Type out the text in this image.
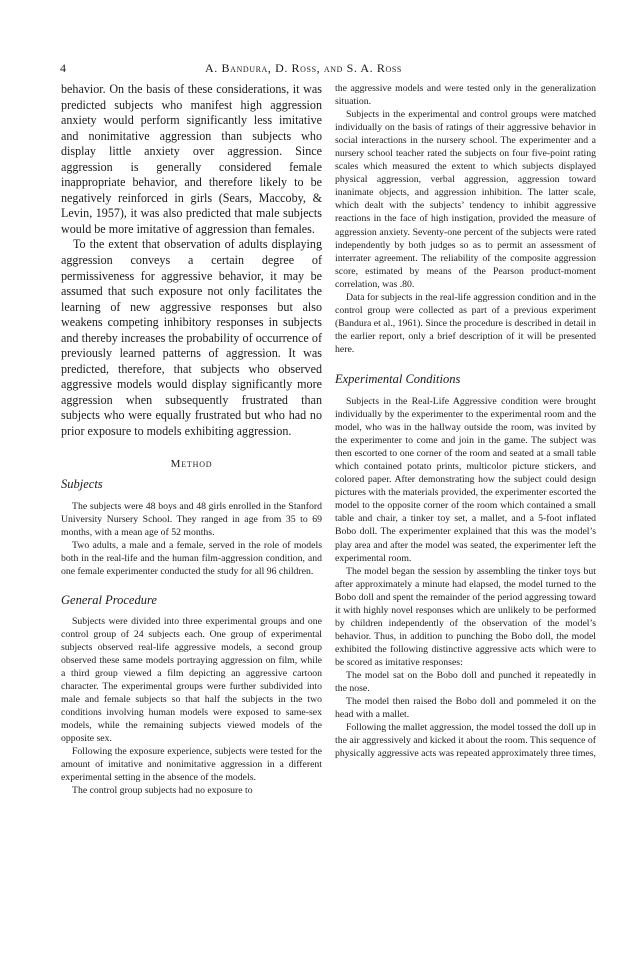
4	A. Bandura, D. Ross, and S. A. Ross

behavior. On the basis of these considerations, it was predicted subjects who manifest high aggression anxiety would perform significantly less imitative and nonimitative aggression than subjects who display little anxiety over aggression. Since aggression is generally considered female inappropriate behavior, and therefore likely to be negatively reinforced in girls (Sears, Maccoby, & Levin, 1957), it was also predicted that male subjects would be more imitative of aggression than females.

To the extent that observation of adults displaying aggression conveys a certain degree of permissiveness for aggressive behavior, it may be assumed that such exposure not only facilitates the learning of new aggressive responses but also weakens competing inhibitory responses in subjects and thereby increases the probability of occurrence of previously learned patterns of aggression. It was predicted, therefore, that subjects who observed aggressive models would display significantly more aggression when subsequently frustrated than subjects who were equally frustrated but who had no prior exposure to models exhibiting aggression.

Method
Subjects

The subjects were 48 boys and 48 girls enrolled in the Stanford University Nursery School. They ranged in age from 35 to 69 months, with a mean age of 52 months.

Two adults, a male and a female, served in the role of models both in the real-life and the human film-aggression condition, and one female experimenter conducted the study for all 96 children.

General Procedure

Subjects were divided into three experimental groups and one control group of 24 subjects each. One group of experimental subjects observed real-life aggressive models, a second group observed these same models portraying aggression on film, while a third group viewed a film depicting an aggressive cartoon character. The experimental groups were further subdivided into male and female subjects so that half the subjects in the two conditions involving human models were exposed to same-sex models, while the remaining subjects viewed models of the opposite sex.

Following the exposure experience, subjects were tested for the amount of imitative and nonimitative aggression in a different experimental setting in the absence of the models.

The control group subjects had no exposure to

the aggressive models and were tested only in the generalization situation.

Subjects in the experimental and control groups were matched individually on the basis of ratings of their aggressive behavior in social interactions in the nursery school. The experimenter and a nursery school teacher rated the subjects on four five-point rating scales which measured the extent to which subjects displayed physical aggression, verbal aggression, aggression toward inanimate objects, and aggression inhibition. The latter scale, which dealt with the subjects’ tendency to inhibit aggressive reactions in the face of high instigation, provided the measure of aggression anxiety. Seventy-one percent of the subjects were rated independently by both judges so as to permit an assessment of interrater agreement. The reliability of the composite aggression score, estimated by means of the Pearson product-moment correlation, was .80.

Data for subjects in the real-life aggression condition and in the control group were collected as part of a previous experiment (Bandura et al., 1961). Since the procedure is described in detail in the earlier report, only a brief description of it will be presented here.

Experimental Conditions

Subjects in the Real-Life Aggressive condition were brought individually by the experimenter to the experimental room and the model, who was in the hallway outside the room, was invited by the experimenter to come and join in the game. The subject was then escorted to one corner of the room and seated at a small table which contained potato prints, multicolor picture stickers, and colored paper. After demonstrating how the subject could design pictures with the materials provided, the experimenter escorted the model to the opposite corner of the room which contained a small table and chair, a tinker toy set, a mallet, and a 5-foot inflated Bobo doll. The experimenter explained that this was the model’s play area and after the model was seated, the experimenter left the experimental room.

The model began the session by assembling the tinker toys but after approximately a minute had elapsed, the model turned to the Bobo doll and spent the remainder of the period aggressing toward it with highly novel responses which are unlikely to be performed by children independently of the observation of the model’s behavior. Thus, in addition to punching the Bobo doll, the model exhibited the following distinctive aggressive acts which were to be scored as imitative responses:

The model sat on the Bobo doll and punched it repeatedly in the nose.

The model then raised the Bobo doll and pommeled it on the head with a mallet.

Following the mallet aggression, the model tossed the doll up in the air aggressively and kicked it about the room. This sequence of physically aggressive acts was repeated approximately three times,
